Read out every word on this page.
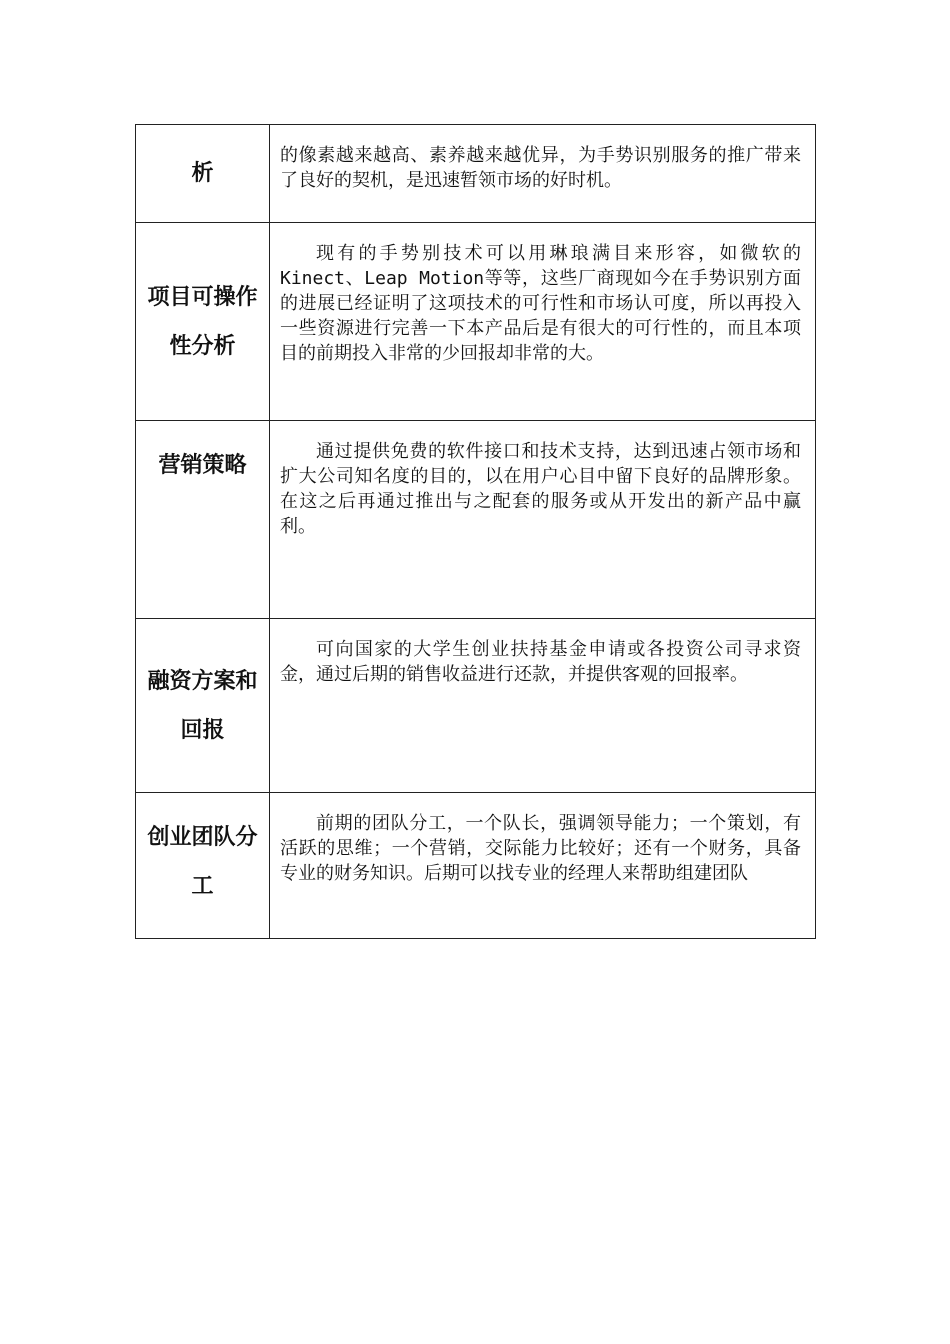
析	的像素越来越高、素养越来越优异，为手势识别服务的推广带来了良好的契机，是迅速暂领市场的好时机。
项目可操作性分析	现有的手势别技术可以用琳琅满目来形容，如微软的Kinect、Leap Motion等等，这些厂商现如今在手势识别方面的进展已经证明了这项技术的可行性和市场认可度，所以再投入一些资源进行完善一下本产品后是有很大的可行性的，而且本项目的前期投入非常的少回报却非常的大。
营销策略	通过提供免费的软件接口和技术支持，达到迅速占领市场和扩大公司知名度的目的，以在用户心目中留下良好的品牌形象。在这之后再通过推出与之配套的服务或从开发出的新产品中赢利。
融资方案和回报	可向国家的大学生创业扶持基金申请或各投资公司寻求资金，通过后期的销售收益进行还款，并提供客观的回报率。
创业团队分工	前期的团队分工，一个队长，强调领导能力；一个策划，有活跃的思维；一个营销，交际能力比较好；还有一个财务，具备专业的财务知识。后期可以找专业的经理人来帮助组建团队
